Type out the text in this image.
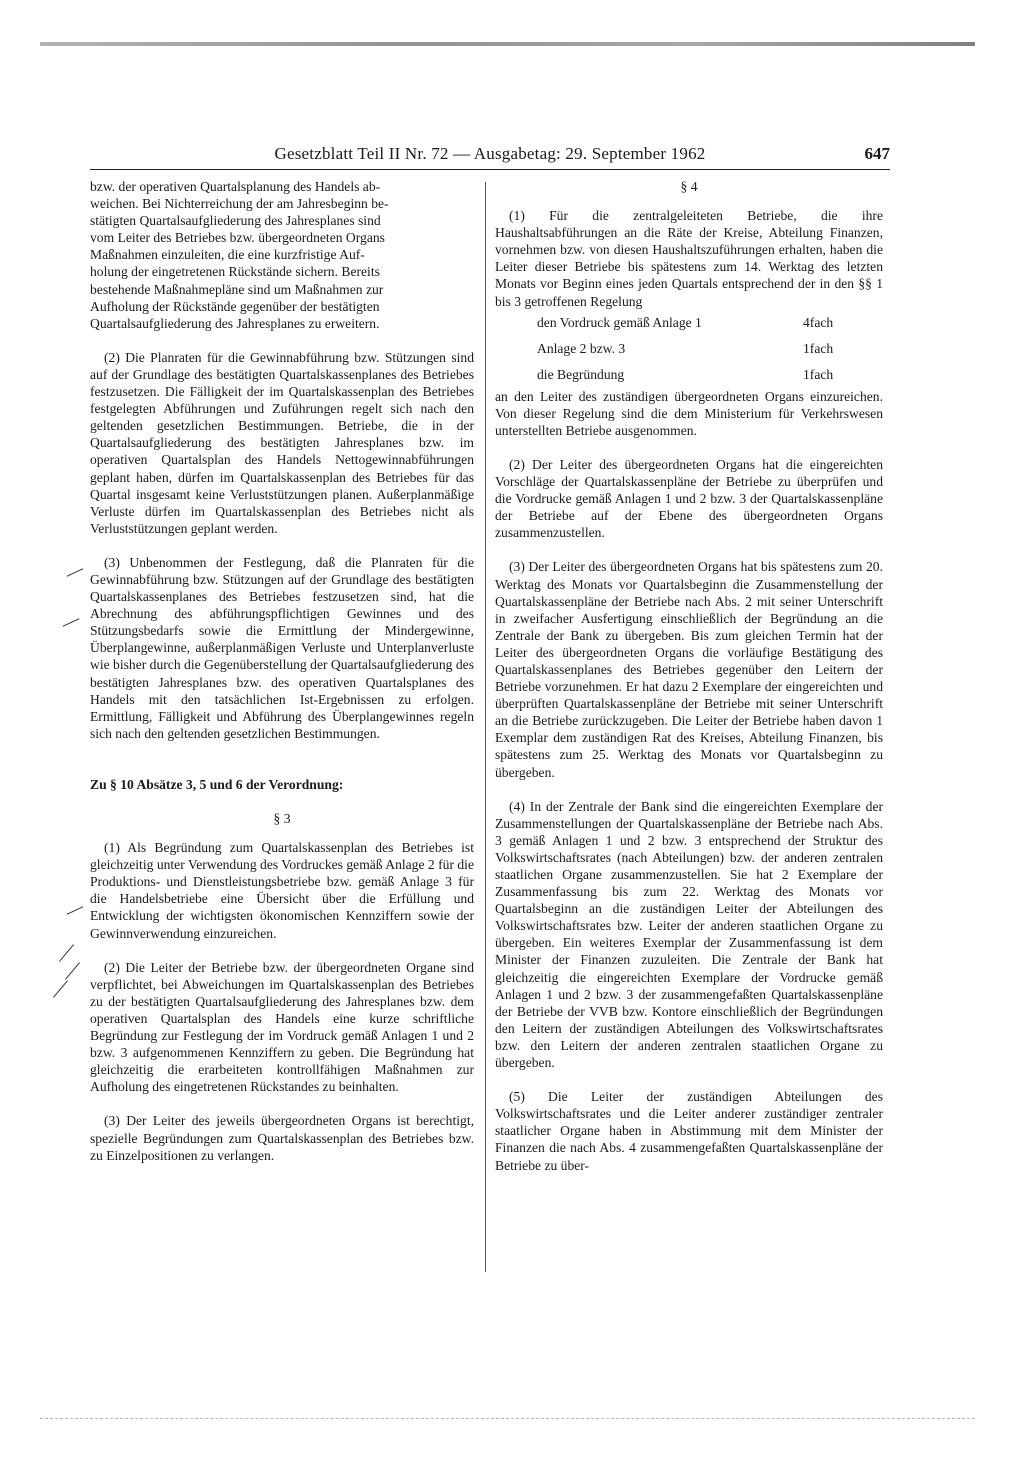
Gesetzblatt Teil II Nr. 72 — Ausgabetag: 29. September 1962	647

bzw. der operativen Quartalsplanung des Handels ab-

weichen. Bei Nichterreichung der am Jahresbeginn be-

stätigten Quartalsaufgliederung des Jahresplanes sind

vom Leiter des Betriebes bzw. übergeordneten Organs

Maßnahmen einzuleiten, die eine kurzfristige Auf-

holung der eingetretenen Rückstände sichern. Bereits

bestehende Maßnahmepläne sind um Maßnahmen zur

Aufholung der Rückstände gegenüber der bestätigten

Quartalsaufgliederung des Jahresplanes zu erweitern.

(2) Die Planraten für die Gewinnabführung bzw. Stützungen sind auf der Grundlage des bestätigten Quartalskassenplanes des Betriebes festzusetzen. Die Fälligkeit der im Quartalskassenplan des Betriebes festgelegten Abführungen und Zuführungen regelt sich nach den geltenden gesetzlichen Bestimmungen. Betriebe, die in der Quartalsaufgliederung des bestätigten Jahresplanes bzw. im operativen Quartalsplan des Handels Nettogewinnabführungen geplant haben, dürfen im Quartalskassenplan des Betriebes für das Quartal insgesamt keine Verluststützungen planen. Außerplanmäßige Verluste dürfen im Quartalskassenplan des Betriebes nicht als Verluststützungen geplant werden.

(3) Unbenommen der Festlegung, daß die Planraten für die Gewinnabführung bzw. Stützungen auf der Grundlage des bestätigten Quartalskassenplanes des Betriebes festzusetzen sind, hat die Abrechnung des abführungspflichtigen Gewinnes und des Stützungsbedarfs sowie die Ermittlung der Mindergewinne, Überplangewinne, außerplanmäßigen Verluste und Unterplanverluste wie bisher durch die Gegenüberstellung der Quartalsaufgliederung des bestätigten Jahresplanes bzw. des operativen Quartalsplanes des Handels mit den tatsächlichen Ist-Ergebnissen zu erfolgen. Ermittlung, Fälligkeit und Abführung des Überplangewinnes regeln sich nach den geltenden gesetzlichen Bestimmungen.

Zu § 10 Absätze 3, 5 und 6 der Verordnung:

§ 3

(1) Als Begründung zum Quartalskassenplan des Betriebes ist gleichzeitig unter Verwendung des Vordruckes gemäß Anlage 2 für die Produktions- und Dienstleistungsbetriebe bzw. gemäß Anlage 3 für die Handelsbetriebe eine Übersicht über die Erfüllung und Entwicklung der wichtigsten ökonomischen Kennziffern sowie der Gewinnverwendung einzureichen.

(2) Die Leiter der Betriebe bzw. der übergeordneten Organe sind verpflichtet, bei Abweichungen im Quartalskassenplan des Betriebes zu der bestätigten Quartalsaufgliederung des Jahresplanes bzw. dem operativen Quartalsplan des Handels eine kurze schriftliche Begründung zur Festlegung der im Vordruck gemäß Anlagen 1 und 2 bzw. 3 aufgenommenen Kennziffern zu geben. Die Begründung hat gleichzeitig die erarbeiteten kontrollfähigen Maßnahmen zur Aufholung des eingetretenen Rückstandes zu beinhalten.

(3) Der Leiter des jeweils übergeordneten Organs ist berechtigt, spezielle Begründungen zum Quartalskassenplan des Betriebes bzw. zu Einzelpositionen zu verlangen.

§ 4

(1) Für die zentralgeleiteten Betriebe, die ihre Haushaltsabführungen an die Räte der Kreise, Abteilung Finanzen, vornehmen bzw. von diesen Haushaltszuführungen erhalten, haben die Leiter dieser Betriebe bis spätestens zum 14. Werktag des letzten Monats vor Beginn eines jeden Quartals entsprechend der in den §§ 1 bis 3 getroffenen Regelung

den Vordruck gemäß Anlage 1	4fach
Anlage 2 bzw. 3	1fach
die Begründung	1fach

an den Leiter des zuständigen übergeordneten Organs einzureichen. Von dieser Regelung sind die dem Ministerium für Verkehrswesen unterstellten Betriebe ausgenommen.

(2) Der Leiter des übergeordneten Organs hat die eingereichten Vorschläge der Quartalskassenpläne der Betriebe zu überprüfen und die Vordrucke gemäß Anlagen 1 und 2 bzw. 3 der Quartalskassenpläne der Betriebe auf der Ebene des übergeordneten Organs zusammenzustellen.

(3) Der Leiter des übergeordneten Organs hat bis spätestens zum 20. Werktag des Monats vor Quartalsbeginn die Zusammenstellung der Quartalskassenpläne der Betriebe nach Abs. 2 mit seiner Unterschrift in zweifacher Ausfertigung einschließlich der Begründung an die Zentrale der Bank zu übergeben. Bis zum gleichen Termin hat der Leiter des übergeordneten Organs die vorläufige Bestätigung des Quartalskassenplanes des Betriebes gegenüber den Leitern der Betriebe vorzunehmen. Er hat dazu 2 Exemplare der eingereichten und überprüften Quartalskassenpläne der Betriebe mit seiner Unterschrift an die Betriebe zurückzugeben. Die Leiter der Betriebe haben davon 1 Exemplar dem zuständigen Rat des Kreises, Abteilung Finanzen, bis spätestens zum 25. Werktag des Monats vor Quartalsbeginn zu übergeben.

(4) In der Zentrale der Bank sind die eingereichten Exemplare der Zusammenstellungen der Quartalskassenpläne der Betriebe nach Abs. 3 gemäß Anlagen 1 und 2 bzw. 3 entsprechend der Struktur des Volkswirtschaftsrates (nach Abteilungen) bzw. der anderen zentralen staatlichen Organe zusammenzustellen. Sie hat 2 Exemplare der Zusammenfassung bis zum 22. Werktag des Monats vor Quartalsbeginn an die zuständigen Leiter der Abteilungen des Volkswirtschaftsrates bzw. Leiter der anderen staatlichen Organe zu übergeben. Ein weiteres Exemplar der Zusammenfassung ist dem Minister der Finanzen zuzuleiten. Die Zentrale der Bank hat gleichzeitig die eingereichten Exemplare der Vordrucke gemäß Anlagen 1 und 2 bzw. 3 der zusammengefaßten Quartalskassenpläne der Betriebe der VVB bzw. Kontore einschließlich der Begründungen den Leitern der zuständigen Abteilungen des Volkswirtschaftsrates bzw. den Leitern der anderen zentralen staatlichen Organe zu übergeben.

(5) Die Leiter der zuständigen Abteilungen des Volkswirtschaftsrates und die Leiter anderer zuständiger zentraler staatlicher Organe haben in Abstimmung mit dem Minister der Finanzen die nach Abs. 4 zusammengefaßten Quartalskassenpläne der Betriebe zu über-
